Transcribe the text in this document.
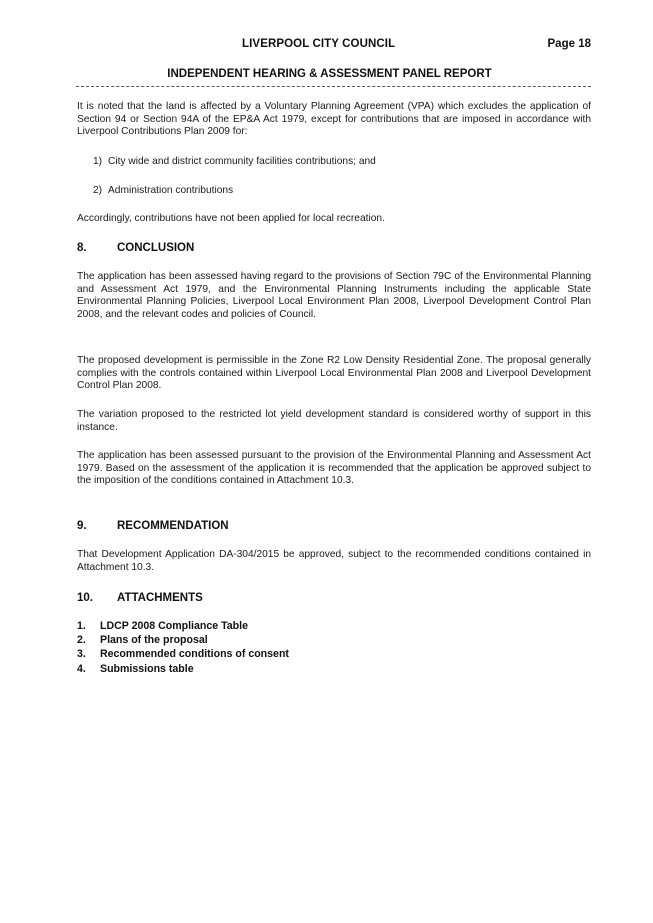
LIVERPOOL CITY COUNCIL	Page 18
INDEPENDENT HEARING & ASSESSMENT PANEL REPORT
It is noted that the land is affected by a Voluntary Planning Agreement (VPA) which excludes the application of Section 94 or Section 94A of the EP&A Act 1979, except for contributions that are imposed in accordance with Liverpool Contributions Plan 2009 for:
1) City wide and district community facilities contributions; and
2) Administration contributions
Accordingly, contributions have not been applied for local recreation.
8.	CONCLUSION
The application has been assessed having regard to the provisions of Section 79C of the Environmental Planning and Assessment Act 1979, and the Environmental Planning Instruments including the applicable State Environmental Planning Policies, Liverpool Local Environment Plan 2008, Liverpool Development Control Plan 2008, and the relevant codes and policies of Council.
The proposed development is permissible in the Zone R2 Low Density Residential Zone. The proposal generally complies with the controls contained within Liverpool Local Environmental Plan 2008 and Liverpool Development Control Plan 2008.
The variation proposed to the restricted lot yield development standard is considered worthy of support in this instance.
The application has been assessed pursuant to the provision of the Environmental Planning and Assessment Act 1979. Based on the assessment of the application it is recommended that the application be approved subject to the imposition of the conditions contained in Attachment 10.3.
9.	RECOMMENDATION
That Development Application DA-304/2015 be approved, subject to the recommended conditions contained in Attachment 10.3.
10. ATTACHMENTS
1. LDCP 2008 Compliance Table
2. Plans of the proposal
3. Recommended conditions of consent
4. Submissions table
